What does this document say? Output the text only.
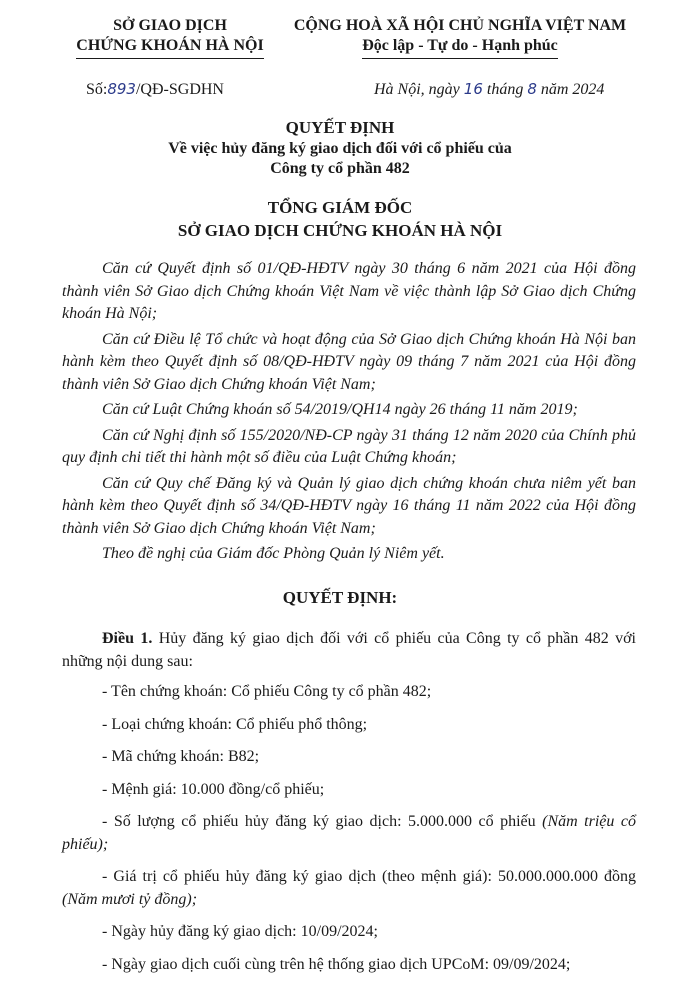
SỞ GIAO DỊCH
CHỨNG KHOÁN HÀ NỘI
CỘNG HOÀ XÃ HỘI CHỦ NGHĨA VIỆT NAM
Độc lập - Tự do - Hạnh phúc
Số:893/QĐ-SGDHN	Hà Nội, ngày 16 tháng 8 năm 2024
QUYẾT ĐỊNH
Về việc hủy đăng ký giao dịch đối với cổ phiếu của
Công ty cổ phần 482
TỔNG GIÁM ĐỐC
SỞ GIAO DỊCH CHỨNG KHOÁN HÀ NỘI

Căn cứ Quyết định số 01/QĐ-HĐTV ngày 30 tháng 6 năm 2021 của Hội đồng thành viên Sở Giao dịch Chứng khoán Việt Nam về việc thành lập Sở Giao dịch Chứng khoán Hà Nội;

Căn cứ Điều lệ Tổ chức và hoạt động của Sở Giao dịch Chứng khoán Hà Nội ban hành kèm theo Quyết định số 08/QĐ-HĐTV ngày 09 tháng 7 năm 2021 của Hội đồng thành viên Sở Giao dịch Chứng khoán Việt Nam;

Căn cứ Luật Chứng khoán số 54/2019/QH14 ngày 26 tháng 11 năm 2019;

Căn cứ Nghị định số 155/2020/NĐ-CP ngày 31 tháng 12 năm 2020 của Chính phủ quy định chi tiết thi hành một số điều của Luật Chứng khoán;

Căn cứ Quy chế Đăng ký và Quản lý giao dịch chứng khoán chưa niêm yết ban hành kèm theo Quyết định số 34/QĐ-HĐTV ngày 16 tháng 11 năm 2022 của Hội đồng thành viên Sở Giao dịch Chứng khoán Việt Nam;

Theo đề nghị của Giám đốc Phòng Quản lý Niêm yết.

QUYẾT ĐỊNH:

Điều 1. Hủy đăng ký giao dịch đối với cổ phiếu của Công ty cổ phần 482 với những nội dung sau:

- Tên chứng khoán: Cổ phiếu Công ty cổ phần 482;

- Loại chứng khoán: Cổ phiếu phổ thông;

- Mã chứng khoán: B82;

- Mệnh giá: 10.000 đồng/cổ phiếu;

- Số lượng cổ phiếu hủy đăng ký giao dịch: 5.000.000 cổ phiếu (Năm triệu cổ phiếu);

- Giá trị cổ phiếu hủy đăng ký giao dịch (theo mệnh giá): 50.000.000.000 đồng (Năm mươi tỷ đồng);

- Ngày hủy đăng ký giao dịch: 10/09/2024;

- Ngày giao dịch cuối cùng trên hệ thống giao dịch UPCoM: 09/09/2024;
